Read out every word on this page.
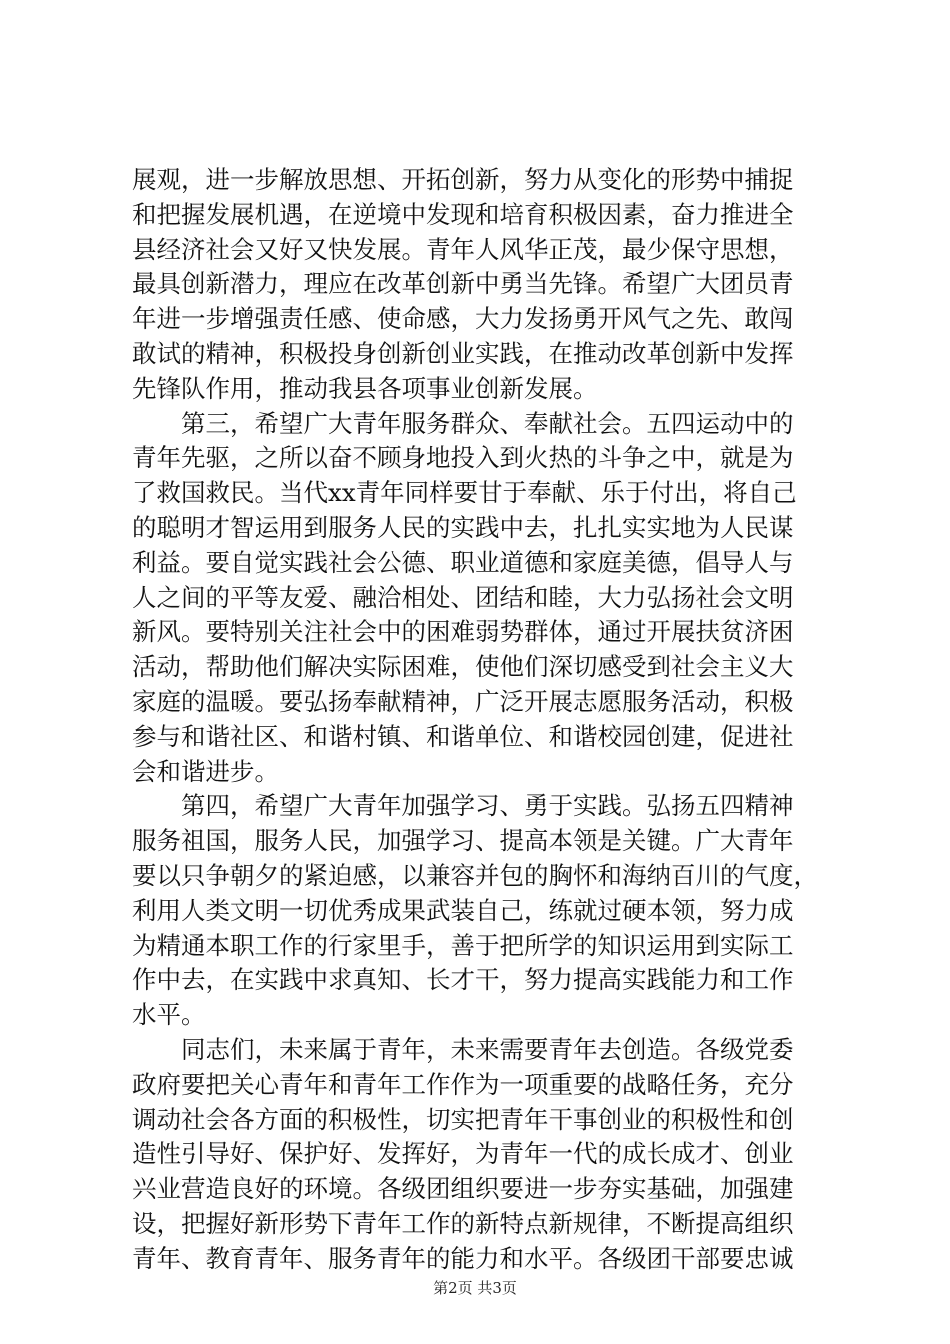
展观，进一步解放思想、开拓创新，努力从变化的形势中捕捉
和把握发展机遇，在逆境中发现和培育积极因素，奋力推进全
县经济社会又好又快发展。青年人风华正茂，最少保守思想，
最具创新潜力，理应在改革创新中勇当先锋。希望广大团员青
年进一步增强责任感、使命感，大力发扬勇开风气之先、敢闯
敢试的精神，积极投身创新创业实践，在推动改革创新中发挥
先锋队作用，推动我县各项事业创新发展。
　　第三，希望广大青年服务群众、奉献社会。五四运动中的
青年先驱，之所以奋不顾身地投入到火热的斗争之中，就是为
了救国救民。当代xx青年同样要甘于奉献、乐于付出，将自己
的聪明才智运用到服务人民的实践中去，扎扎实实地为人民谋
利益。要自觉实践社会公德、职业道德和家庭美德，倡导人与
人之间的平等友爱、融洽相处、团结和睦，大力弘扬社会文明
新风。要特别关注社会中的困难弱势群体，通过开展扶贫济困
活动，帮助他们解决实际困难，使他们深切感受到社会主义大
家庭的温暖。要弘扬奉献精神，广泛开展志愿服务活动，积极
参与和谐社区、和谐村镇、和谐单位、和谐校园创建，促进社
会和谐进步。
　　第四，希望广大青年加强学习、勇于实践。弘扬五四精神
服务祖国，服务人民，加强学习、提高本领是关键。广大青年
要以只争朝夕的紧迫感，以兼容并包的胸怀和海纳百川的气度，
利用人类文明一切优秀成果武装自己，练就过硬本领，努力成
为精通本职工作的行家里手，善于把所学的知识运用到实际工
作中去，在实践中求真知、长才干，努力提高实践能力和工作
水平。
　　同志们，未来属于青年，未来需要青年去创造。各级党委
政府要把关心青年和青年工作作为一项重要的战略任务，充分
调动社会各方面的积极性，切实把青年干事创业的积极性和创
造性引导好、保护好、发挥好，为青年一代的成长成才、创业
兴业营造良好的环境。各级团组织要进一步夯实基础，加强建
设，把握好新形势下青年工作的新特点新规律，不断提高组织
青年、教育青年、服务青年的能力和水平。各级团干部要忠诚
第2页 共3页
